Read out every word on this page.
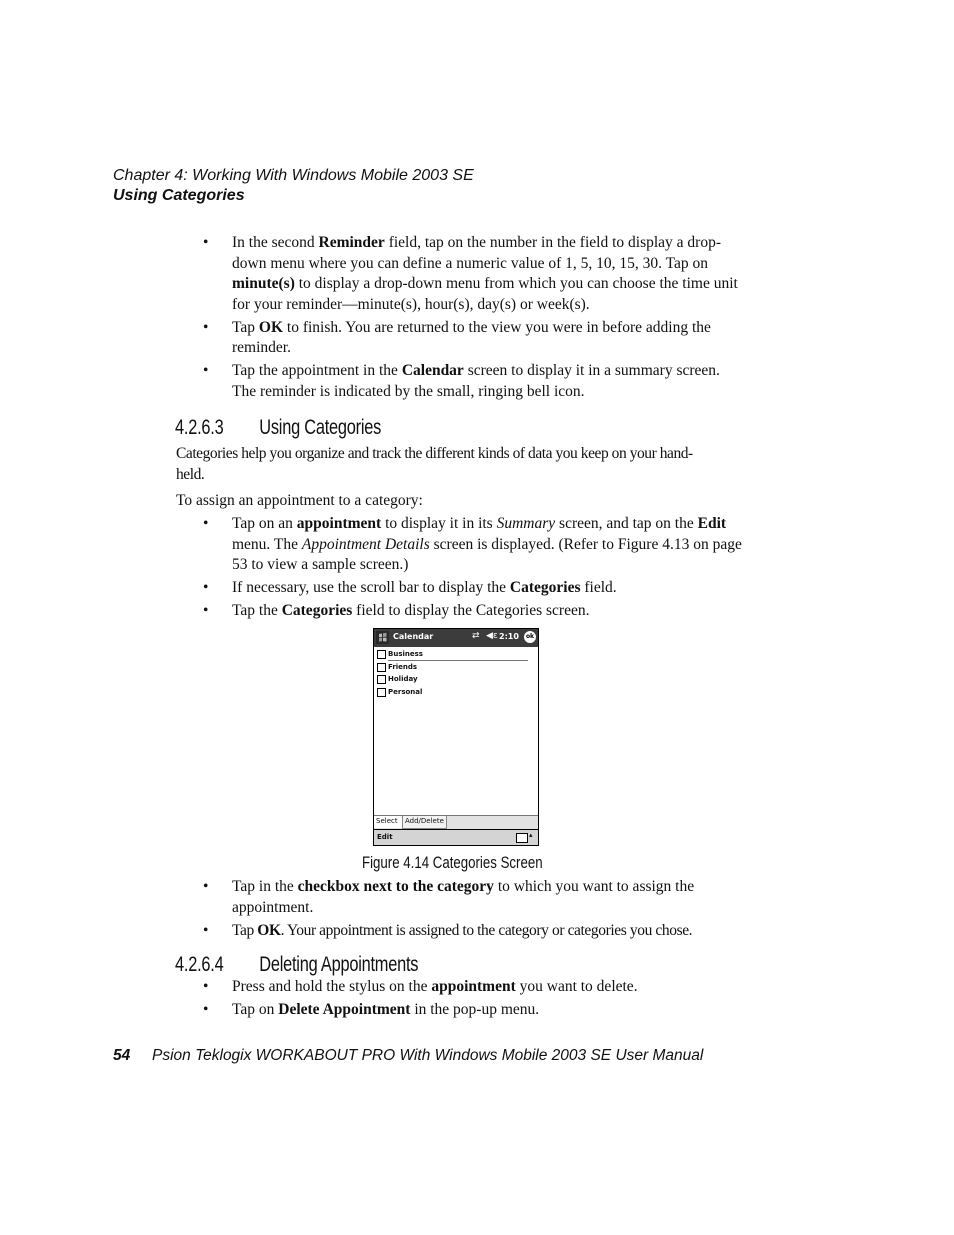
Chapter 4: Working With Windows Mobile 2003 SE
Using Categories
• In the second Reminder field, tap on the number in the field to display a drop-down menu where you can define a numeric value of 1, 5, 10, 15, 30. Tap on minute(s) to display a drop-down menu from which you can choose the time unit for your reminder—minute(s), hour(s), day(s) or week(s).
• Tap OK to finish. You are returned to the view you were in before adding the reminder.
• Tap the appointment in the Calendar screen to display it in a summary screen. The reminder is indicated by the small, ringing bell icon.
4.2.6.3 Using Categories
Categories help you organize and track the different kinds of data you keep on your hand-held.
To assign an appointment to a category:
• Tap on an appointment to display it in its Summary screen, and tap on the Edit menu. The Appointment Details screen is displayed. (Refer to Figure 4.13 on page 53 to view a sample screen.)
• If necessary, use the scroll bar to display the Categories field.
• Tap the Categories field to display the Categories screen.
Calendar	⇄ ◀ε 2:10	ok
Business
Friends
Holiday
Personal
Select	Add/Delete
Edit	▴
Figure 4.14 Categories Screen
• Tap in the checkbox next to the category to which you want to assign the appointment.
• Tap OK. Your appointment is assigned to the category or categories you chose.
4.2.6.4 Deleting Appointments
• Press and hold the stylus on the appointment you want to delete.
• Tap on Delete Appointment in the pop-up menu.
54 Psion Teklogix WORKABOUT PRO With Windows Mobile 2003 SE User Manual
